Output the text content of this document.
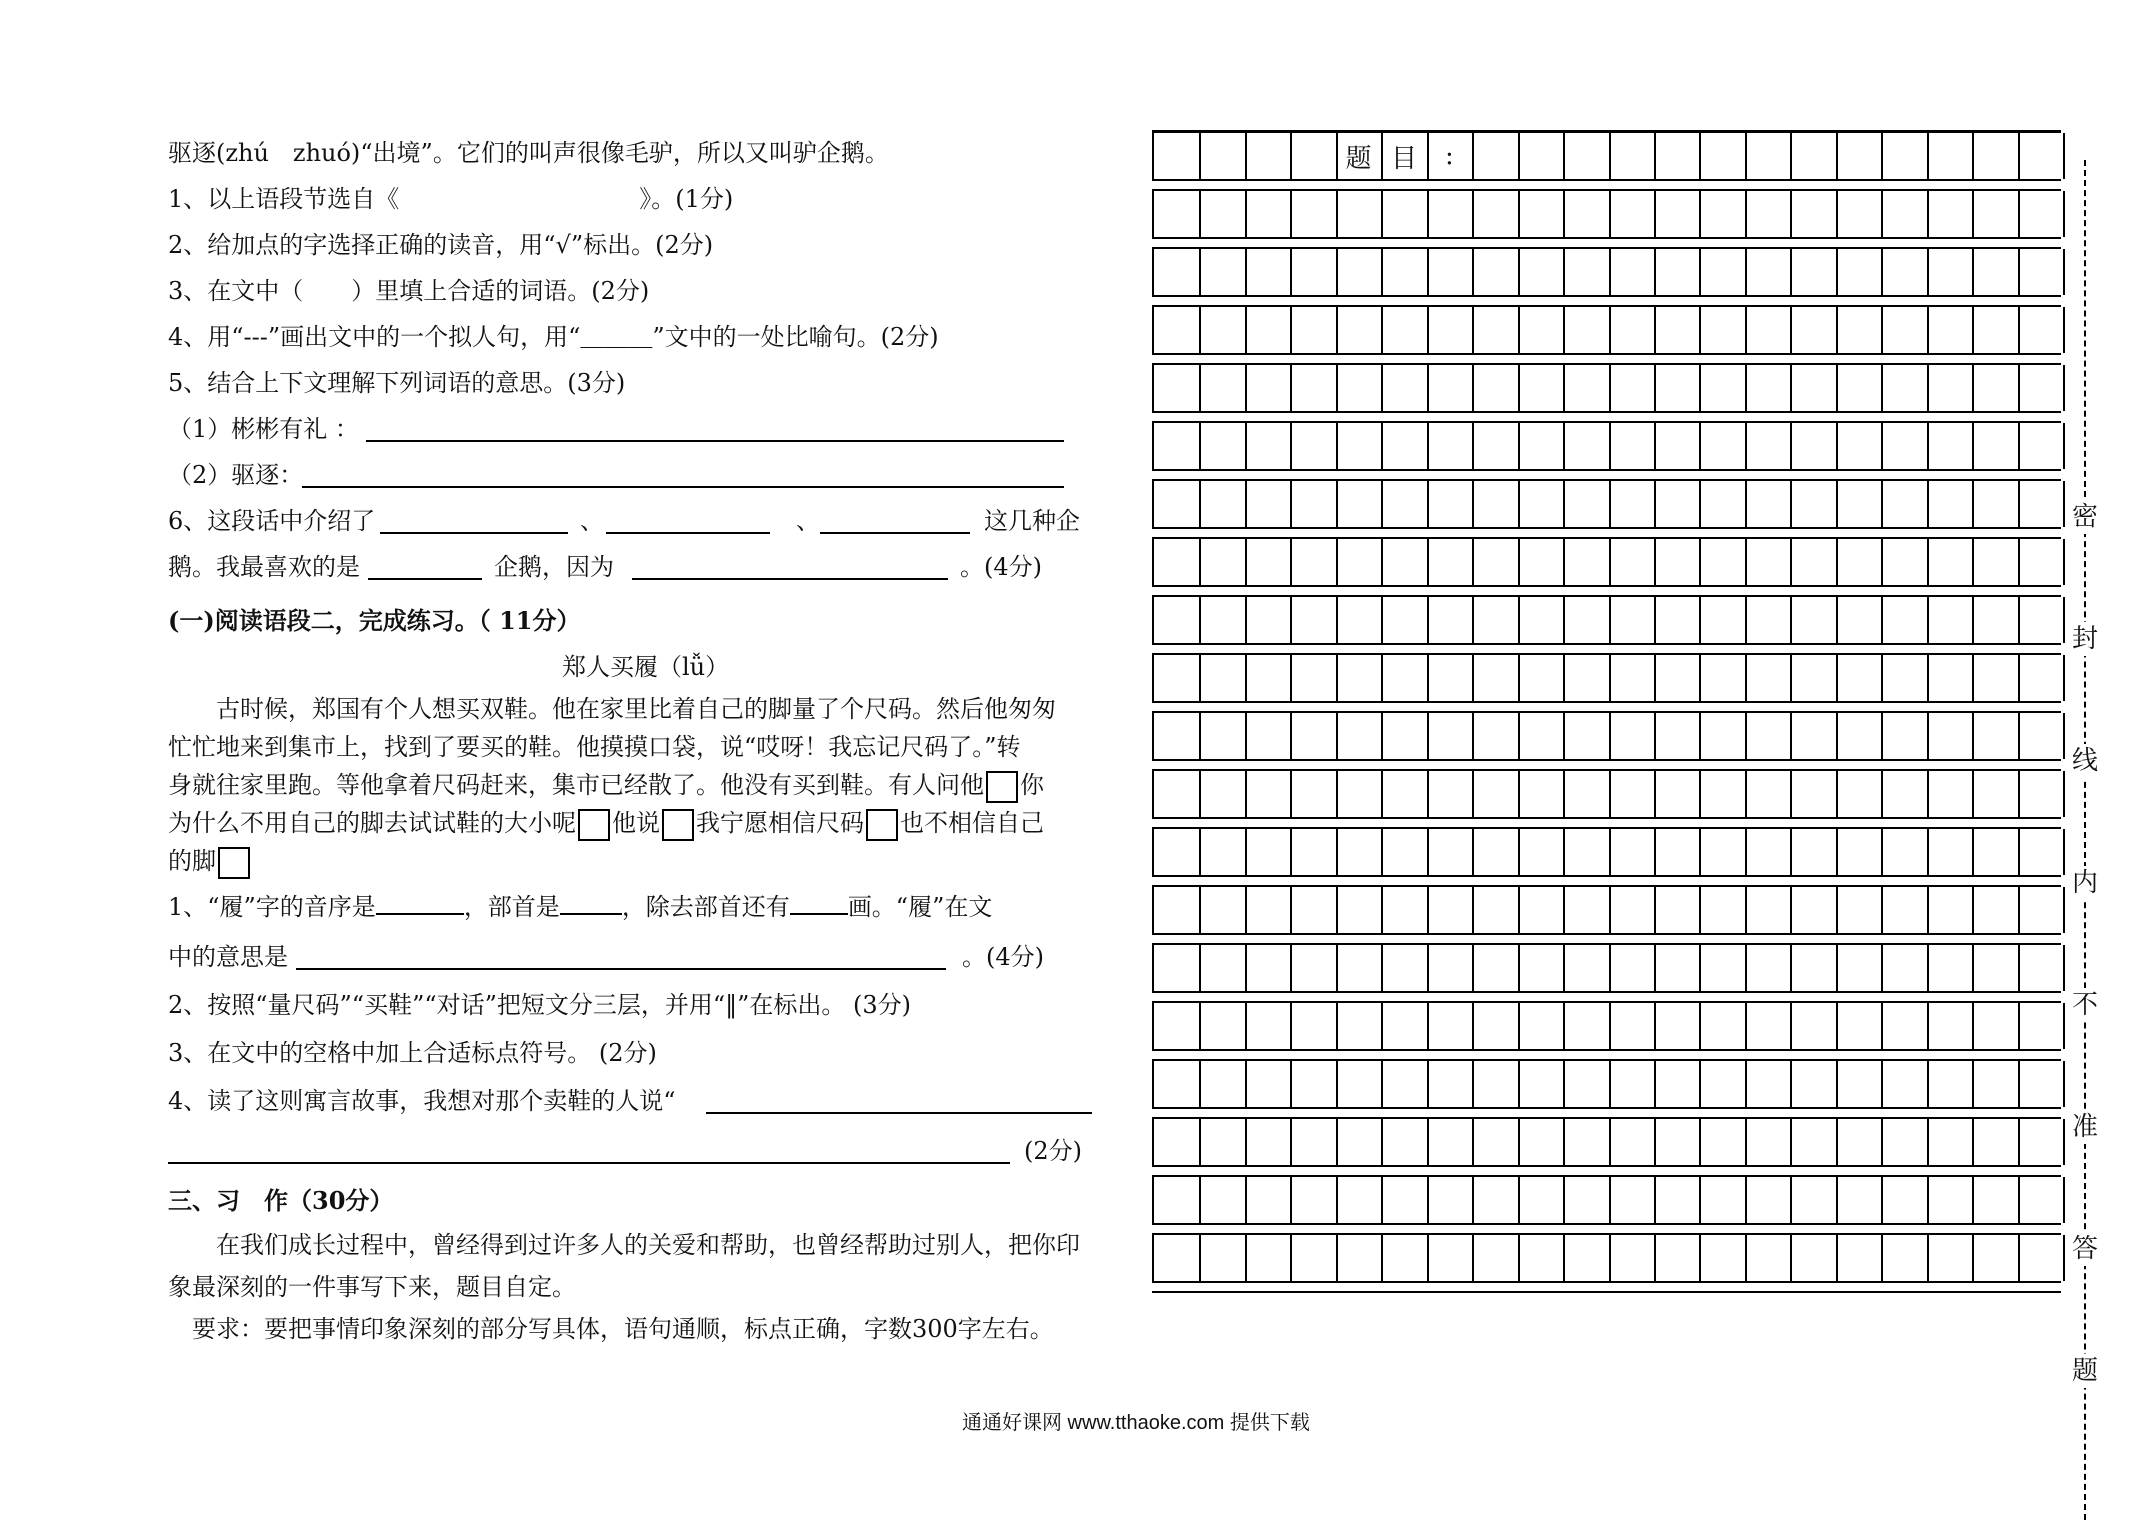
驱逐(zhú　zhuó)“出境”。它们的叫声很像毛驴，所以又叫驴企鹅。
1、以上语段节选自《　　　　　　　　　　》。(1分)
2、给加点的字选择正确的读音，用“√”标出。(2分)
3、在文中（　　）里填上合适的词语。(2分)
4、用“---”画出文中的一个拟人句，用“＿＿＿”文中的一处比喻句。(2分)
5、结合上下文理解下列词语的意思。(3分)
（1）彬彬有礼 ：
（2）驱逐：
6、这段话中介绍了	、	、	这几种企
鹅。我最喜欢的是	企鹅，因为	。(4分)
(一)阅读语段二，完成练习。（ 11分）
郑人买履（lǚ）
古时候，郑国有个人想买双鞋。他在家里比着自己的脚量了个尺码。然后他匆匆
忙忙地来到集市上，找到了要买的鞋。他摸摸口袋，说“哎呀！我忘记尺码了。”转
身就往家里跑。等他拿着尺码赶来，集市已经散了。他没有买到鞋。有人问他 你
为什么不用自己的脚去试试鞋的大小呢 他说 我宁愿相信尺码 也不相信自己
的脚
1、“履”字的音序是	，部首是	，除去部首还有 画。“履”在文
中的意思是	。(4分)
2、按照“量尺码”“买鞋”“对话”把短文分三层，并用“‖”在标出。 (3分)
3、在文中的空格中加上合适标点符号。 (2分)
4、读了这则寓言故事，我想对那个卖鞋的人说“
(2分)
三、习　作（30分）
在我们成长过程中，曾经得到过许多人的关爱和帮助，也曾经帮助过别人，把你印
象最深刻的一件事写下来，题目自定。
要求：要把事情印象深刻的部分写具体，语句通顺，标点正确，字数300字左右。
题 目	:
密
封
线
内
不
准
答
题
通通好课网 www.tthaoke.com 提供下载
